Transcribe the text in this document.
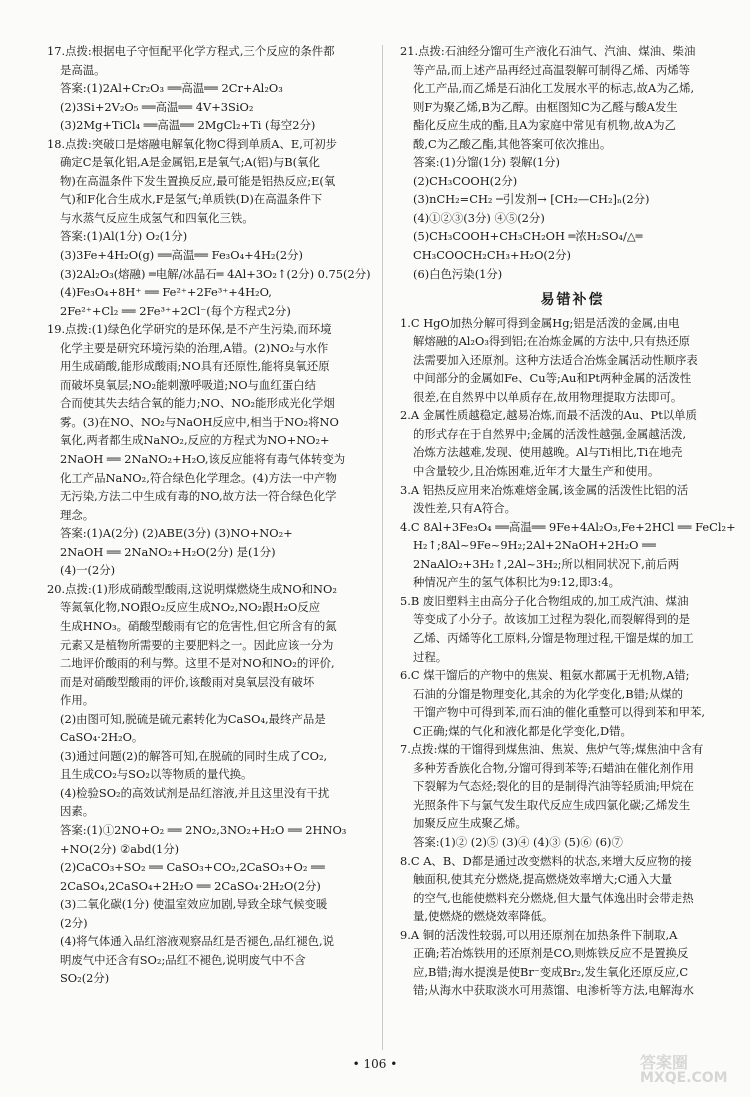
17.点拨:根据电子守恒配平化学方程式,三个反应的条件都
是高温。
答案:(1)2Al+Cr₂O₃ ══高温══ 2Cr+Al₂O₃
(2)3Si+2V₂O₅ ══高温══ 4V+3SiO₂
(3)2Mg+TiCl₄ ══高温══ 2MgCl₂+Ti (每空2分)
18.点拨:突破口是熔融电解氧化物C得到单质A、E,可初步
确定C是氧化铝,A是金属铝,E是氧气;A(铝)与B(氧化
物)在高温条件下发生置换反应,最可能是铝热反应;E(氧
气)和F化合生成水,F是氢气;单质铁(D)在高温条件下
与水蒸气反应生成氢气和四氧化三铁。
答案:(1)Al(1分) O₂(1分)
(3)3Fe+4H₂O(g) ══高温══ Fe₃O₄+4H₂(2分)
(3)2Al₂O₃(熔融) ═电解/冰晶石═ 4Al+3O₂↑(2分) 0.75(2分)
(4)Fe₃O₄+8H⁺ ══ Fe²⁺+2Fe³⁺+4H₂O,
2Fe²⁺+Cl₂ ══ 2Fe³⁺+2Cl⁻(每个方程式2分)
19.点拨:(1)绿色化学研究的是环保,是不产生污染,而环境
化学主要是研究环境污染的治理,A错。(2)NO₂与水作
用生成硝酸,能形成酸雨;NO具有还原性,能将臭氧还原
而破坏臭氧层;NO₂能刺激呼吸道;NO与血红蛋白结
合而使其失去结合氧的能力;NO、NO₂能形成光化学烟
雾。(3)在NO、NO₂与NaOH反应中,相当于NO₂将NO
氧化,两者都生成NaNO₂,反应的方程式为NO+NO₂+
2NaOH ══ 2NaNO₂+H₂O,该反应能将有毒气体转变为
化工产品NaNO₂,符合绿色化学理念。(4)方法一中产物
无污染,方法二中生成有毒的NO,故方法一符合绿色化学
理念。
答案:(1)A(2分) (2)ABE(3分) (3)NO+NO₂+
2NaOH ══ 2NaNO₂+H₂O(2分) 是(1分)
(4)一(2分)
20.点拨:(1)形成硝酸型酸雨,这说明煤燃烧生成NO和NO₂
等氮氧化物,NO跟O₂反应生成NO₂,NO₂跟H₂O反应
生成HNO₃。硝酸型酸雨有它的危害性,但它所含有的氮
元素又是植物所需要的主要肥料之一。因此应该一分为
二地评价酸雨的利与弊。这里不是对NO和NO₂的评价,
而是对硝酸型酸雨的评价,该酸雨对臭氧层没有破坏
作用。
(2)由图可知,脱硫是硫元素转化为CaSO₄,最终产品是
CaSO₄·2H₂O。
(3)通过问题(2)的解答可知,在脱硫的同时生成了CO₂,
且生成CO₂与SO₂以等物质的量代换。
(4)检验SO₂的高效试剂是品红溶液,并且这里没有干扰
因素。
答案:(1)①2NO+O₂ ══ 2NO₂,3NO₂+H₂O ══ 2HNO₃
+NO(2分) ②abd(1分)
(2)CaCO₃+SO₂ ══ CaSO₃+CO₂,2CaSO₃+O₂ ══
2CaSO₄,2CaSO₄+2H₂O ══ 2CaSO₄·2H₂O(2分)
(3)二氧化碳(1分) 使温室效应加剧,导致全球气候变暖
(2分)
(4)将气体通入品红溶液观察品红是否褪色,品红褪色,说
明废气中还含有SO₂;品红不褪色,说明废气中不含
SO₂(2分)
21.点拨:石油经分馏可生产液化石油气、汽油、煤油、柴油
等产品,而上述产品再经过高温裂解可制得乙烯、丙烯等
化工产品,而乙烯是石油化工发展水平的标志,故A为乙烯,
则F为聚乙烯,B为乙醇。由框图知C为乙醛与酸A发生
酯化反应生成的酯,且A为家庭中常见有机物,故A为乙
酸,C为乙酸乙酯,其他答案可依次推出。
答案:(1)分馏(1分) 裂解(1分)
(2)CH₃COOH(2分)
(3)nCH₂=CH₂ ─引发剂→ [CH₂—CH₂]ₙ(2分)
(4)①②③(3分) ④⑤(2分)
(5)CH₃COOH+CH₃CH₂OH ═浓H₂SO₄/△═
CH₃COOCH₂CH₃+H₂O(2分)
(6)白色污染(1分)
易错补偿
1.C HgO加热分解可得到金属Hg;铝是活泼的金属,由电
解熔融的Al₂O₃得到铝;在冶炼金属的方法中,只有热还原
法需要加入还原剂。这种方法适合冶炼金属活动性顺序表
中间部分的金属如Fe、Cu等;Au和Pt两种金属的活泼性
很差,在自然界中以单质存在,故用物理提取方法即可。
2.A 金属性质越稳定,越易冶炼,而最不活泼的Au、Pt以单质
的形式存在于自然界中;金属的活泼性越强,金属越活泼,
冶炼方法越难,发现、使用越晚。Al与Ti相比,Ti在地壳
中含量较少,且冶炼困难,近年才大量生产和使用。
3.A 铝热反应用来冶炼难熔金属,该金属的活泼性比铝的活
泼性差,只有A符合。
4.C 8Al+3Fe₃O₄ ══高温══ 9Fe+4Al₂O₃,Fe+2HCl ══ FeCl₂+
H₂↑;8Al~9Fe~9H₂;2Al+2NaOH+2H₂O ══
2NaAlO₂+3H₂↑,2Al~3H₂;所以相同状况下,前后两
种情况产生的氢气体积比为9:12,即3:4。
5.B 废旧塑料主由高分子化合物组成的,加工成汽油、煤油
等变成了小分子。故该加工过程为裂化,而裂解得到的是
乙烯、丙烯等化工原料,分馏是物理过程,干馏是煤的加工
过程。
6.C 煤干馏后的产物中的焦炭、粗氨水都属于无机物,A错;
石油的分馏是物理变化,其余的为化学变化,B错;从煤的
干馏产物中可得到苯,而石油的催化重整可以得到苯和甲苯,
C正确;煤的气化和液化都是化学变化,D错。
7.点拨:煤的干馏得到煤焦油、焦炭、焦炉气等;煤焦油中含有
多种芳香族化合物,分馏可得到苯等;石蜡油在催化剂作用
下裂解为气态烃;裂化的目的是制得汽油等轻质油;甲烷在
光照条件下与氯气发生取代反应生成四氯化碳;乙烯发生
加聚反应生成聚乙烯。
答案:(1)② (2)⑤ (3)④ (4)③ (5)⑥ (6)⑦
8.C A、B、D都是通过改变燃料的状态,来增大反应物的接
触面积,使其充分燃烧,提高燃烧效率增大;C通入大量
的空气,也能使燃料充分燃烧,但大量气体逸出时会带走热
量,使燃烧的燃烧效率降低。
9.A 铜的活泼性较弱,可以用还原剂在加热条件下制取,A
正确;若冶炼铁用的还原剂是CO,则炼铁反应不是置换反
应,B错;海水提溴是使Br⁻变成Br₂,发生氧化还原反应,C
错;从海水中获取淡水可用蒸馏、电渗析等方法,电解海水
• 106 •	答案圈
MXQE.COM
